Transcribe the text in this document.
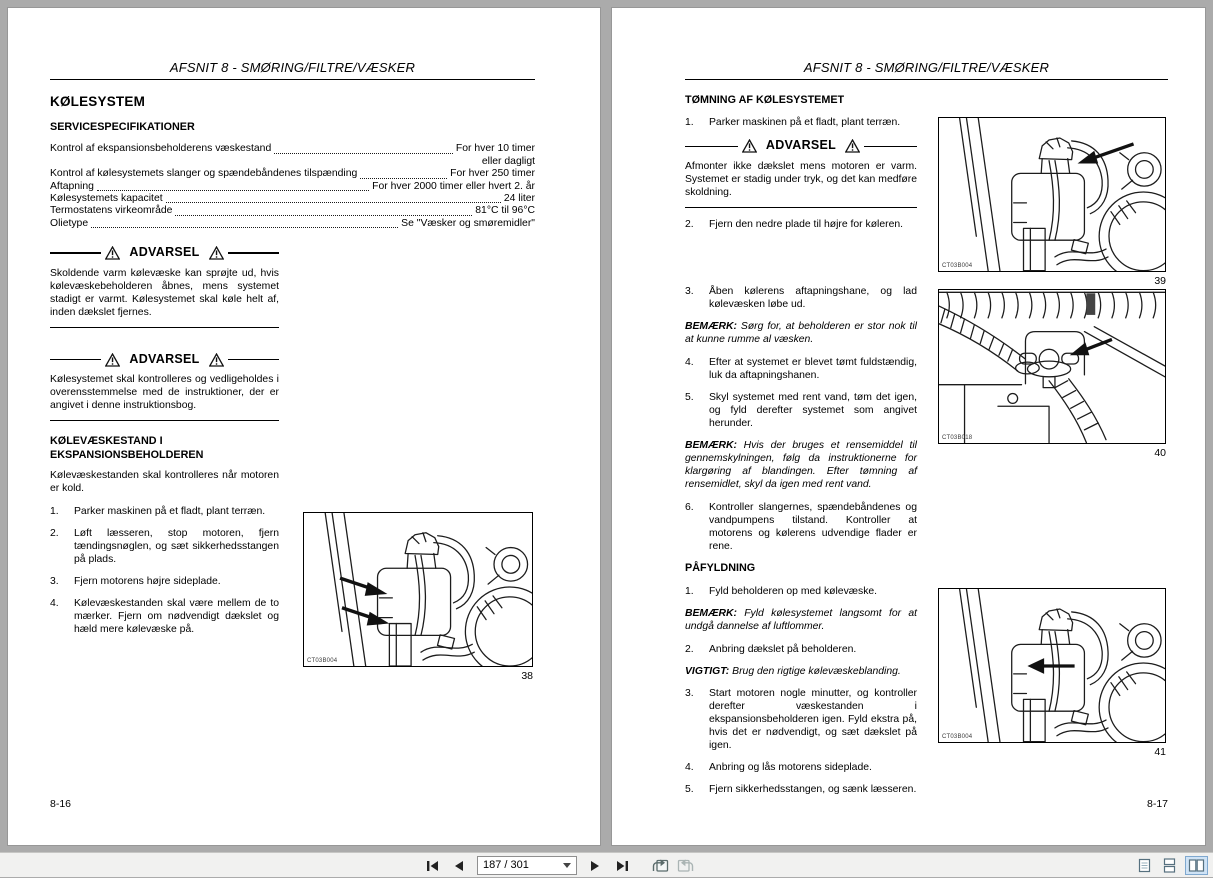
AFSNIT 8 - SMØRING/FILTRE/VÆSKER
KØLESYSTEM
SERVICESPECIFIKATIONER
Kontrol af ekspansionsbeholderens væskestand	For hver 10 timer
eller dagligt
Kontrol af kølesystemets slanger og spændebåndenes tilspænding	For hver 250 timer
Aftapning	For hver 2000 timer eller hvert 2. år
Kølesystemets kapacitet	24 liter
Termostatens virkeområde	81°C til 96°C
Olietype	Se "Væsker og smøremidler"
ADVARSEL

Skoldende varm kølevæske kan sprøjte ud, hvis kølevæskebeholderen åbnes, mens systemet stadigt er varmt. Kølesystemet skal køle helt af, inden dækslet fjernes.

ADVARSEL

Kølesystemet skal kontrolleres og vedligeholdes i overensstemmelse med de instruktioner, der er angivet i denne instruktionsbog.

KØLEVÆSKESTAND I EKSPANSIONSBEHOLDEREN

Kølevæskestanden skal kontrolleres når motoren er kold.

1.	Parker maskinen på et fladt, plant terræn.
2.	Løft læsseren, stop motoren, fjern tændingsnøglen, og sæt sikkerhedsstangen på plads.
3.	Fjern motorens højre sideplade.
4.	Kølevæskestanden skal være mellem de to mærker. Fjern om nødvendigt dækslet og hæld mere kølevæske på.
CT03B004
38
8-16
AFSNIT 8 - SMØRING/FILTRE/VÆSKER
TØMNING AF KØLESYSTEMET
1.	Parker maskinen på et fladt, plant terræn.
ADVARSEL

Afmonter ikke dækslet mens motoren er varm. Systemet er stadig under tryk, og det kan medføre skoldning.

2.	Fjern den nedre plade til højre for køleren.
3.	Åben kølerens aftapningshane, og lad kølevæsken løbe ud.

BEMÆRK: Sørg for, at beholderen er stor nok til at kunne rumme al væsken.

4.	Efter at systemet er blevet tømt fuldstændig, luk da aftapningshanen.
5.	Skyl systemet med rent vand, tøm det igen, og fyld derefter systemet som angivet herunder.

BEMÆRK: Hvis der bruges et rensemiddel til gennemskylningen, følg da instruktionerne for klargøring af blandingen. Efter tømning af rensemidlet, skyl da igen med rent vand.

6.	Kontroller slangernes, spændebåndenes og vandpumpens tilstand. Kontroller at motorens og kølerens udvendige flader er rene.
PÅFYLDNING
1.	Fyld beholderen op med kølevæske.

BEMÆRK: Fyld kølesystemet langsomt for at undgå dannelse af luftlommer.

2.	Anbring dækslet på beholderen.

VIGTIGT: Brug den rigtige kølevæskeblanding.

3.	Start motoren nogle minutter, og kontroller derefter væskestanden i ekspansionsbeholderen igen. Fyld ekstra på, hvis det er nødvendigt, og sæt dækslet på igen.
4.	Anbring og lås motorens sideplade.
5.	Fjern sikkerhedsstangen, og sænk læsseren.
CT03B004
39
CT03B018
40
CT03B004
41
8-17
187 / 301
